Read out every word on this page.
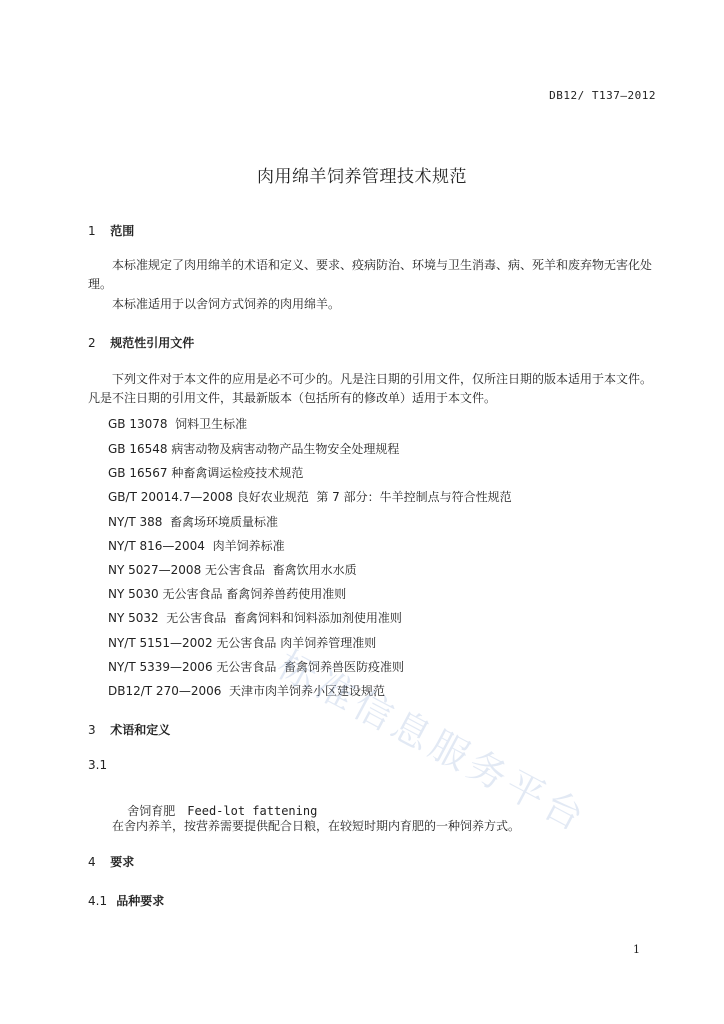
DB12/ T137—2012
肉用绵羊饲养管理技术规范
1 范围
本标准规定了肉用绵羊的术语和定义、要求、疫病防治、环境与卫生消毒、病、死羊和废弃物无害化处理。
本标准适用于以舍饲方式饲养的肉用绵羊。
2 规范性引用文件
下列文件对于本文件的应用是必不可少的。凡是注日期的引用文件，仅所注日期的版本适用于本文件。凡是不注日期的引用文件，其最新版本（包括所有的修改单）适用于本文件。
GB 13078  饲料卫生标准
GB 16548 病害动物及病害动物产品生物安全处理规程
GB 16567 种畜禽调运检疫技术规范
GB/T 20014.7—2008 良好农业规范  第 7 部分：牛羊控制点与符合性规范
NY/T 388  畜禽场环境质量标准
NY/T 816—2004  肉羊饲养标准
NY 5027—2008 无公害食品  畜禽饮用水水质
NY 5030 无公害食品 畜禽饲养兽药使用准则
NY 5032  无公害食品  畜禽饲料和饲料添加剂使用准则
NY/T 5151—2002 无公害食品 肉羊饲养管理准则
NY/T 5339—2006 无公害食品  畜禽饲养兽医防疫准则
DB12/T 270—2006  天津市肉羊饲养小区建设规范
3 术语和定义
3.1

舍饲育肥 Feed-lot fattening

在舍内养羊，按营养需要提供配合日粮，在较短时期内育肥的一种饲养方式。
4 要求
4.1 品种要求
标
准
信
息
服
务
平
台
1
